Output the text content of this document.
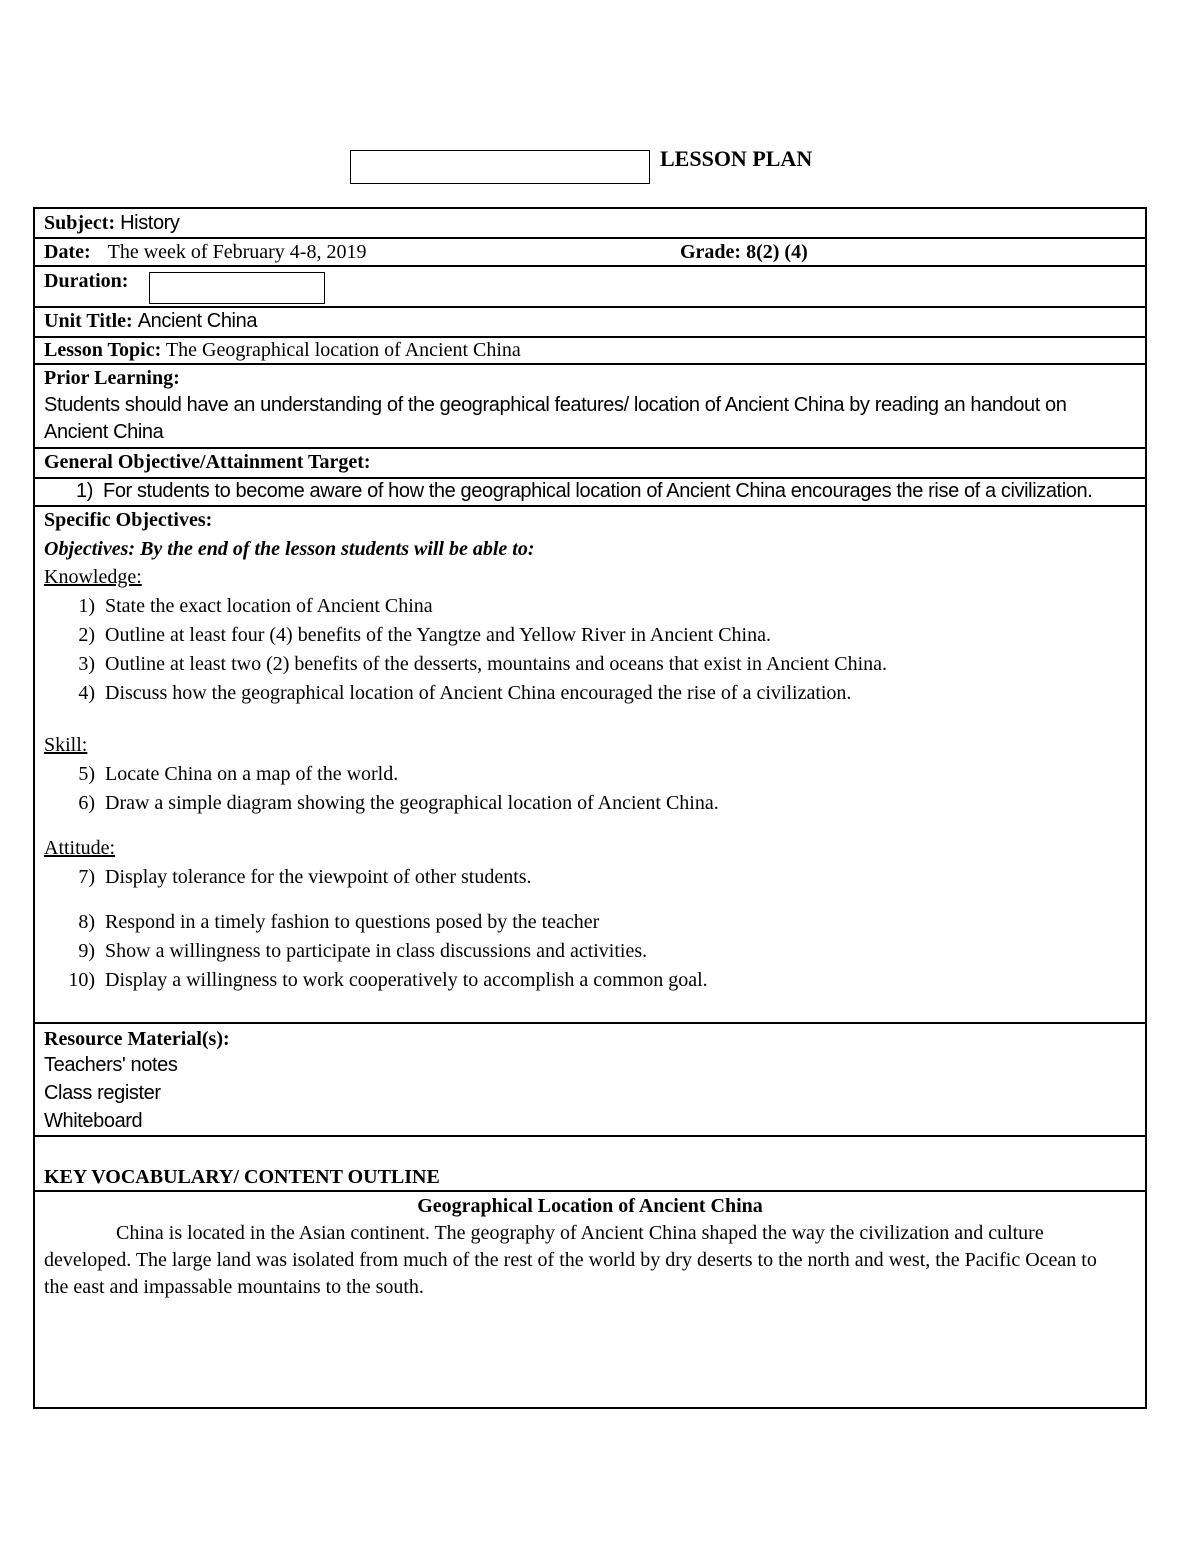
LESSON PLAN
Subject: History
Date: The week of February 4-8, 2019	Grade: 8(2) (4)
Duration:
Unit Title: Ancient China
Lesson Topic: The Geographical location of Ancient China
Prior Learning:
Students should have an understanding of the geographical features/ location of Ancient China by reading an handout on
Ancient China
General Objective/Attainment Target:
1) For students to become aware of how the geographical location of Ancient China encourages the rise of a civilization.
Specific Objectives:
Objectives: By the end of the lesson students will be able to:
Knowledge:
1) State the exact location of Ancient China
2) Outline at least four (4) benefits of the Yangtze and Yellow River in Ancient China.
3) Outline at least two (2) benefits of the desserts, mountains and oceans that exist in Ancient China.
4) Discuss how the geographical location of Ancient China encouraged the rise of a civilization.
Skill:
5) Locate China on a map of the world.
6) Draw a simple diagram showing the geographical location of Ancient China.
Attitude:
7) Display tolerance for the viewpoint of other students.
8) Respond in a timely fashion to questions posed by the teacher
9) Show a willingness to participate in class discussions and activities.
10) Display a willingness to work cooperatively to accomplish a common goal.
Resource Material(s):
Teachers' notes
Class register
Whiteboard
KEY VOCABULARY/ CONTENT OUTLINE
Geographical Location of Ancient China
China is located in the Asian continent. The geography of Ancient China shaped the way the civilization and culture developed. The large land was isolated from much of the rest of the world by dry deserts to the north and west, the Pacific Ocean to the east and impassable mountains to the south.
